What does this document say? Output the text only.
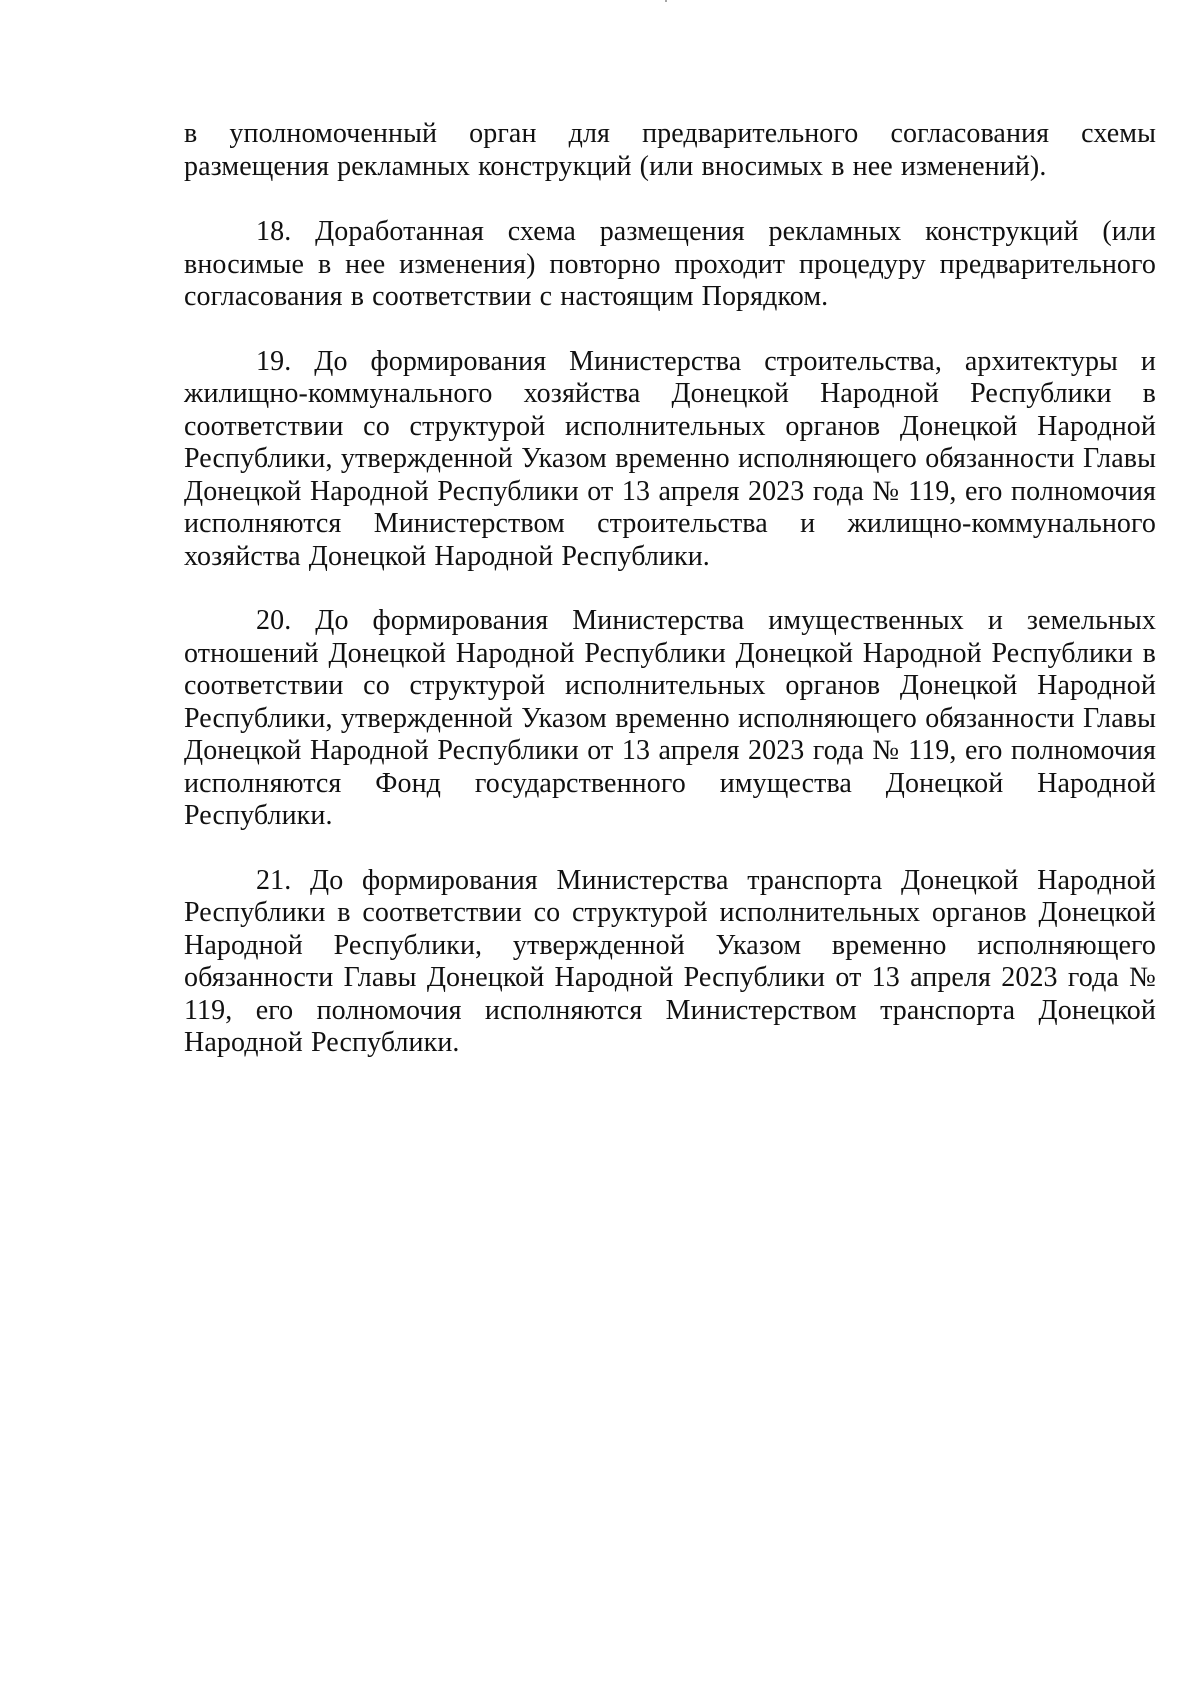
в уполномоченный орган для предварительного согласования схемы размещения рекламных конструкций (или вносимых в нее изменений).

18. Доработанная схема размещения рекламных конструкций (или вносимые в нее изменения) повторно проходит процедуру предварительного согласования в соответствии с настоящим Порядком.

19. До формирования Министерства строительства, архитектуры и жилищно-коммунального хозяйства Донецкой Народной Республики в соответствии со структурой исполнительных органов Донецкой Народной Республики, утвержденной Указом временно исполняющего обязанности Главы Донецкой Народной Республики от 13 апреля 2023 года № 119, его полномочия исполняются Министерством строительства и жилищно-коммунального хозяйства Донецкой Народной Республики.

20. До формирования Министерства имущественных и земельных отношений Донецкой Народной Республики Донецкой Народной Республики в соответствии со структурой исполнительных органов Донецкой Народной Республики, утвержденной Указом временно исполняющего обязанности Главы Донецкой Народной Республики от 13 апреля 2023 года № 119, его полномочия исполняются Фонд государственного имущества Донецкой Народной Республики.

21. До формирования Министерства транспорта Донецкой Народной Республики в соответствии со структурой исполнительных органов Донецкой Народной Республики, утвержденной Указом временно исполняющего обязанности Главы Донецкой Народной Республики от 13 апреля 2023 года № 119, его полномочия исполняются Министерством транспорта Донецкой Народной Республики.
